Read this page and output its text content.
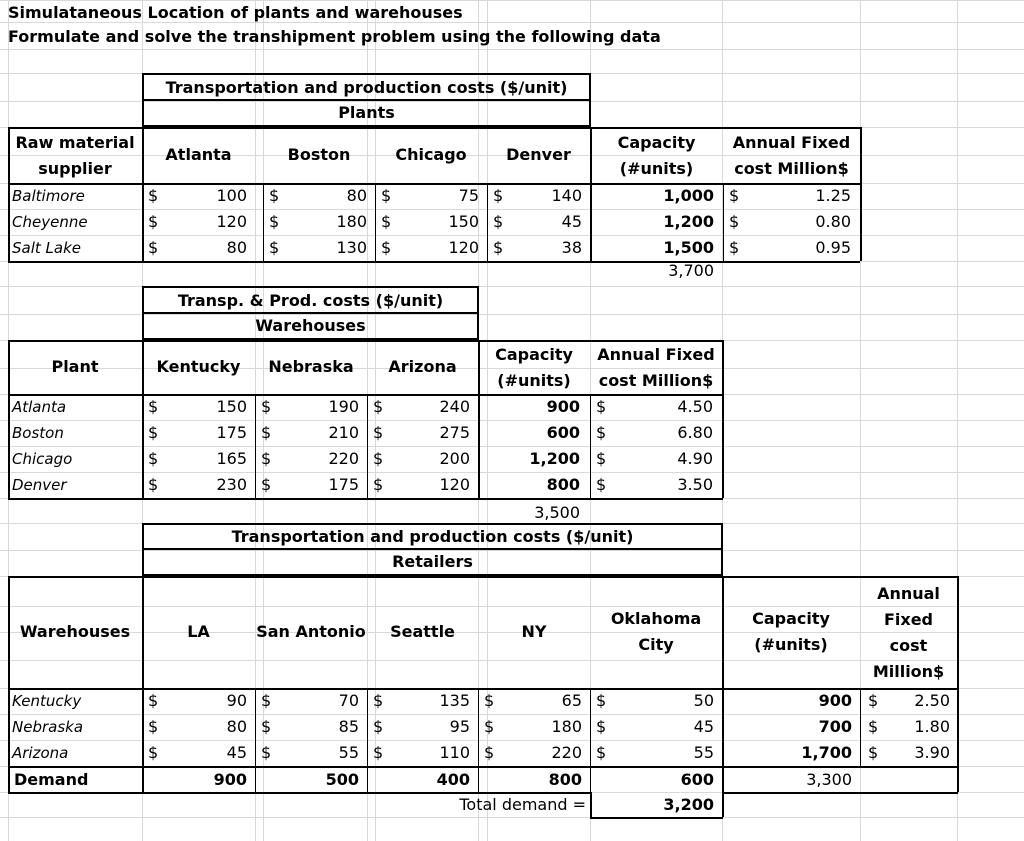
Simulataneous Location of plants and warehouses
Formulate and solve the transhipment problem using the following data
Transportation and production costs ($/unit)
Plants
Raw material
supplier
Atlanta	Boston	Chicago	Denver
Capacity
(#units)
Annual Fixed
cost Million$
Baltimore	$	100 $	80 $	75 $	140	1,000 $	1.25
Cheyenne	$	120 $	180 $	150 $	45	1,200 $	0.80
Salt Lake	$	80 $	130 $	120 $	38	1,500 $	0.95
3,700
Transp. & Prod. costs ($/unit)
Warehouses
Plant	Kentucky	Nebraska	Arizona
Capacity
(#units)
Annual Fixed
cost Million$
Atlanta	$	150 $	190 $	240	900 $	4.50
Boston	$	175 $	210 $	275	600 $	6.80
Chicago	$	165 $	220 $	200	1,200 $	4.90
Denver	$	230 $	175 $	120	800 $	3.50
3,500
Transportation and production costs ($/unit)
Retailers
Warehouses	LA	San Antonio	Seattle	NY
Oklahoma
City
Capacity
(#units)
Annual
Fixed
cost
Million$
Kentucky	$	90 $	70 $	135 $	65 $	50	900 $	2.50
Nebraska	$	80 $	85 $	95 $	180 $	45	700 $	1.80
Arizona	$	45 $	55 $	110 $	220 $	55	1,700 $	3.90
Demand	900	500	400	800	600	3,300
Total demand =	3,200
